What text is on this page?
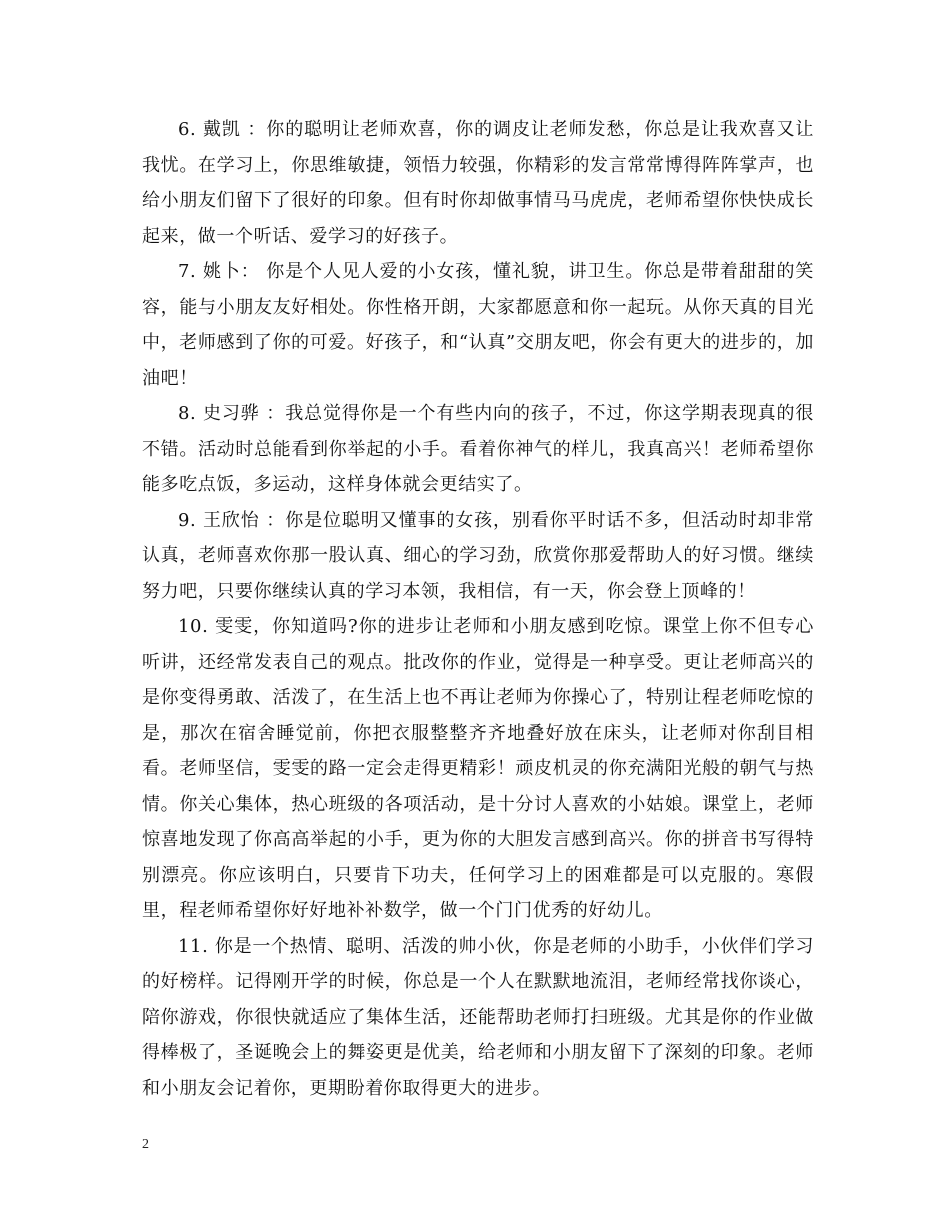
6. 戴凯 ：你的聪明让老师欢喜，你的调皮让老师发愁，你总是让我欢喜又让我忧。在学习上，你思维敏捷，领悟力较强，你精彩的发言常常博得阵阵掌声，也给小朋友们留下了很好的印象。但有时你却做事情马马虎虎，老师希望你快快成长起来，做一个听话、爱学习的好孩子。

7. 姚卜： 你是个人见人爱的小女孩，懂礼貌，讲卫生。你总是带着甜甜的笑容，能与小朋友友好相处。你性格开朗，大家都愿意和你一起玩。从你天真的目光中，老师感到了你的可爱。好孩子，和“认真”交朋友吧，你会有更大的进步的，加油吧！

8. 史习骅 ：我总觉得你是一个有些内向的孩子，不过，你这学期表现真的很不错。活动时总能看到你举起的小手。看着你神气的样儿，我真高兴！老师希望你能多吃点饭，多运动，这样身体就会更结实了。

9. 王欣怡 ：你是位聪明又懂事的女孩，别看你平时话不多，但活动时却非常认真，老师喜欢你那一股认真、细心的学习劲，欣赏你那爱帮助人的好习惯。继续努力吧，只要你继续认真的学习本领，我相信，有一天，你会登上顶峰的！

10. 雯雯，你知道吗?你的进步让老师和小朋友感到吃惊。课堂上你不但专心听讲，还经常发表自己的观点。批改你的作业，觉得是一种享受。更让老师高兴的是你变得勇敢、活泼了，在生活上也不再让老师为你操心了，特别让程老师吃惊的是，那次在宿舍睡觉前，你把衣服整整齐齐地叠好放在床头，让老师对你刮目相看。老师坚信，雯雯的路一定会走得更精彩！顽皮机灵的你充满阳光般的朝气与热情。你关心集体，热心班级的各项活动，是十分讨人喜欢的小姑娘。课堂上，老师惊喜地发现了你高高举起的小手，更为你的大胆发言感到高兴。你的拼音书写得特别漂亮。你应该明白，只要肯下功夫，任何学习上的困难都是可以克服的。寒假里，程老师希望你好好地补补数学，做一个门门优秀的好幼儿。

11. 你是一个热情、聪明、活泼的帅小伙，你是老师的小助手，小伙伴们学习的好榜样。记得刚开学的时候，你总是一个人在默默地流泪，老师经常找你谈心，陪你游戏，你很快就适应了集体生活，还能帮助老师打扫班级。尤其是你的作业做得棒极了，圣诞晚会上的舞姿更是优美，给老师和小朋友留下了深刻的印象。老师和小朋友会记着你，更期盼着你取得更大的进步。

2
